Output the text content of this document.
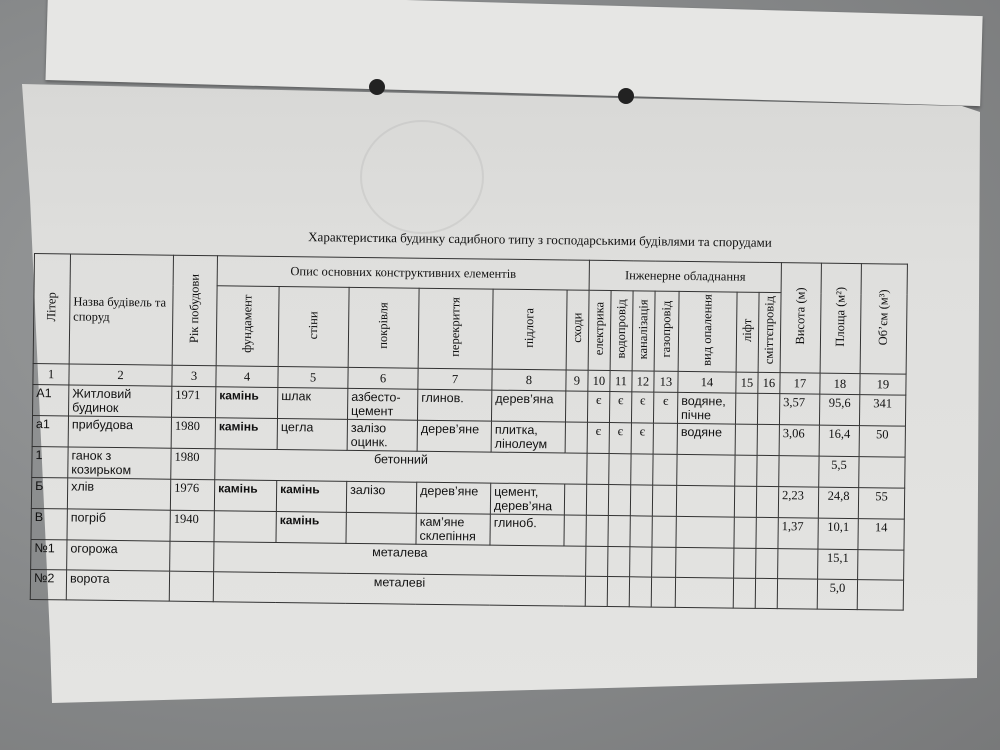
Характеристика будинку садибного типу з господарськими будівлями та спорудами
Літер	Назва будівель та споруд	Рік побудови	Опис основних конструктивних елементів						Інженерне обладнання							Висота (м)	Площа (м²)	Об’єм (м³)
			фундамент	стіни	покрівля	перекриття	підлога	сходи	електрика	водопровід	каналізація	газопровід	вид опалення	ліфт	сміттєпровід			
1	2	3	4	5	6	7	8	9	10	11	12	13	14	15	16	17	18	19
А1	Житловий будинок	1971	камінь	шлак	азбесто-цемент	глинов.	дерев’яна		є	є	є	є	водяне, пічне			3,57	95,6	341
а1	прибудова	1980	камінь	цегла	залізо оцинк.	дерев’яне	плитка, лінолеум		є	є	є		водяне			3,06	16,4	50
1	ганок з козирьком	1980	бетонний														5,5	
Б	хлів	1976	камінь	камінь	залізо	дерев’яне	цемент, дерев’яна									2,23	24,8	55
В	погріб	1940		камінь		кам’яне склепіння	глиноб.									1,37	10,1	14
№1	огорожа		металева														15,1	
№2	ворота		металеві														5,0	
